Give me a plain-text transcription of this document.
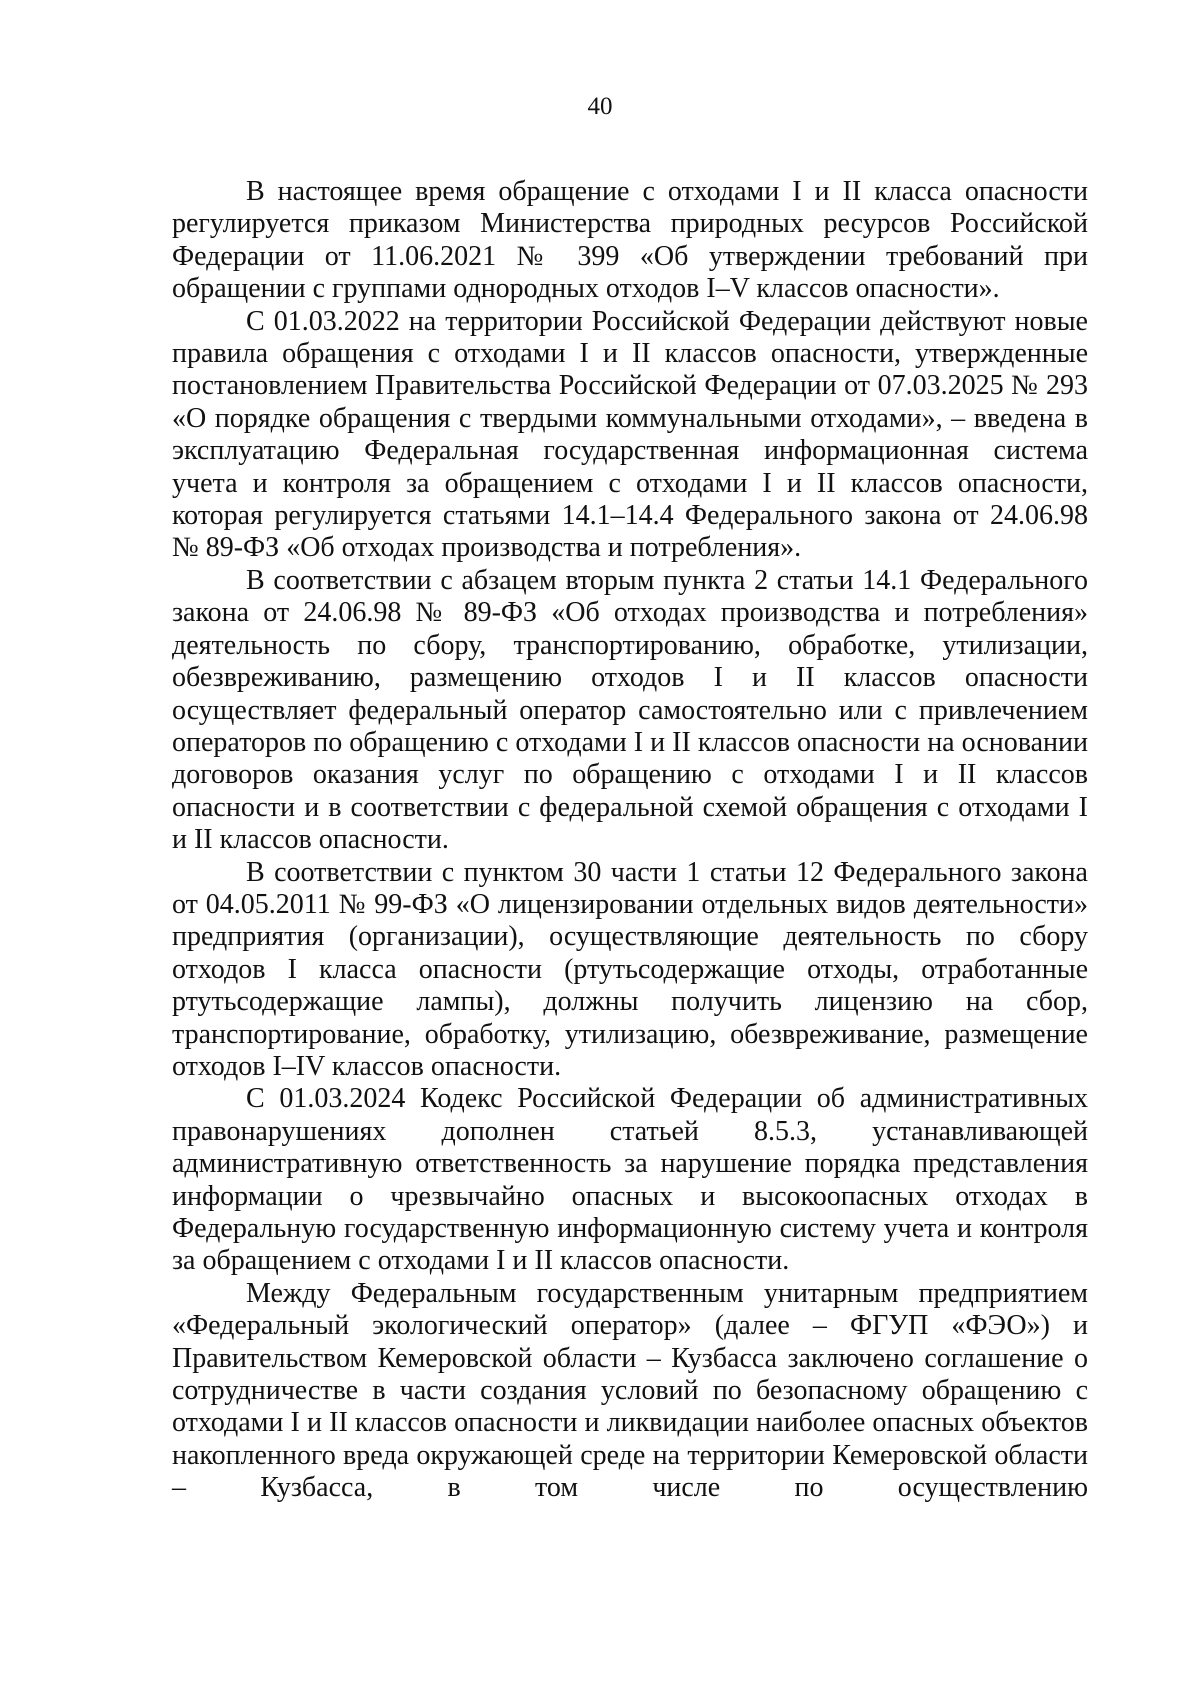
40

В настоящее время обращение с отходами I и II класса опасности регулируется приказом Министерства природных ресурсов Российской Федерации от 11.06.2021 № 399 «Об утверждении требований при обращении с группами однородных отходов I–V классов опасности».

С 01.03.2022 на территории Российской Федерации действуют новые правила обращения с отходами I и II классов опасности, утвержденные постановлением Правительства Российской Федерации от 07.03.2025 № 293 «О порядке обращения с твердыми коммунальными отходами», – введена в эксплуатацию Федеральная государственная информационная система учета и контроля за обращением с отходами I и II классов опасности, которая регулируется статьями 14.1–14.4 Федерального закона от 24.06.98 № 89-ФЗ «Об отходах производства и потребления».

В соответствии с абзацем вторым пункта 2 статьи 14.1 Федерального закона от 24.06.98 № 89-ФЗ «Об отходах производства и потребления» деятельность по сбору, транспортированию, обработке, утилизации, обезвреживанию, размещению отходов I и II классов опасности осуществляет федеральный оператор самостоятельно или с привлечением операторов по обращению с отходами I и II классов опасности на основании договоров оказания услуг по обращению с отходами I и II классов опасности и в соответствии с федеральной схемой обращения с отходами I и II классов опасности.

В соответствии с пунктом 30 части 1 статьи 12 Федерального закона от 04.05.2011 № 99-ФЗ «О лицензировании отдельных видов деятельности» предприятия (организации), осуществляющие деятельность по сбору отходов I класса опасности (ртутьсодержащие отходы, отработанные ртутьсодержащие лампы), должны получить лицензию на сбор, транспортирование, обработку, утилизацию, обезвреживание, размещение отходов I–IV классов опасности.

С 01.03.2024 Кодекс Российской Федерации об административных правонарушениях дополнен статьей 8.5.3, устанавливающей административную ответственность за нарушение порядка представления информации о чрезвычайно опасных и высокоопасных отходах в Федеральную государственную информационную систему учета и контроля за обращением с отходами I и II классов опасности.

Между Федеральным государственным унитарным предприятием «Федеральный экологический оператор» (далее – ФГУП «ФЭО») и Правительством Кемеровской области – Кузбасса заключено соглашение о сотрудничестве в части создания условий по безопасному обращению с отходами I и II классов опасности и ликвидации наиболее опасных объектов накопленного вреда окружающей среде на территории Кемеровской области – Кузбасса, в том числе по осуществлению
